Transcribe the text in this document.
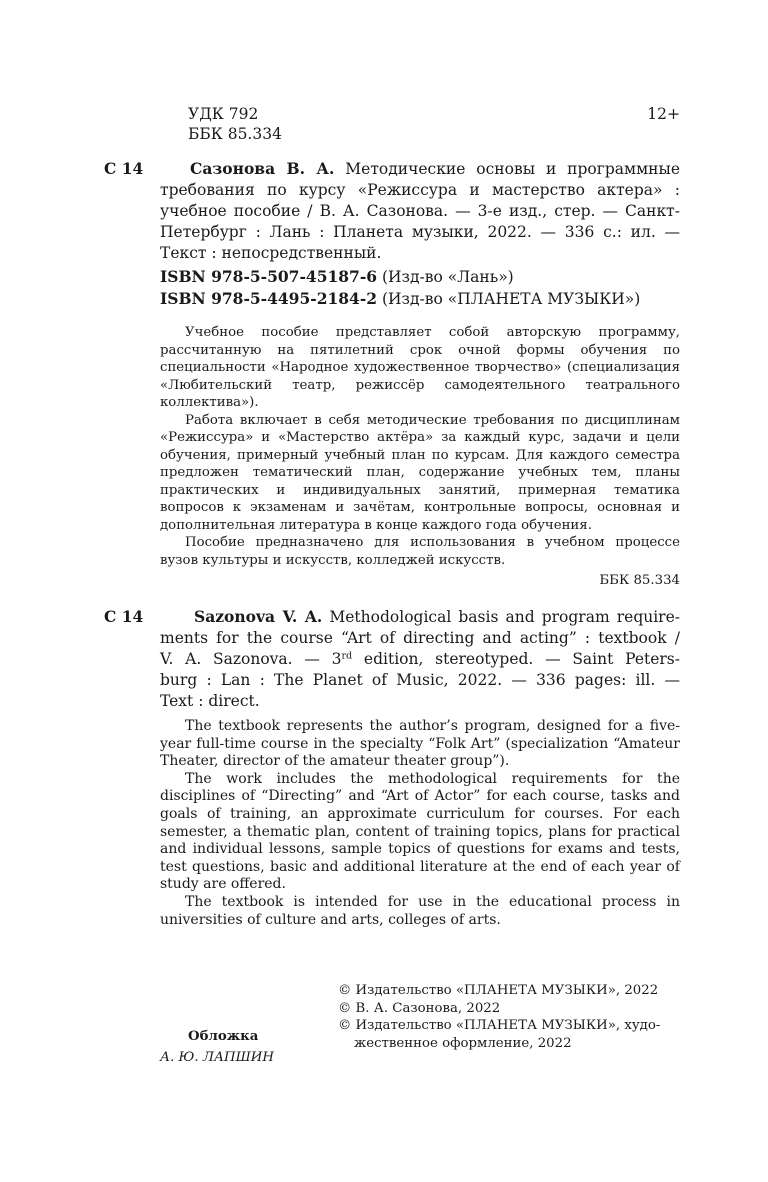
УДК 792
ББК 85.334
12+
С 14	Сазонова В. А. Методические основы и программные

требования по курсу «Режиссура и мастерство актера» :

учебное пособие / В. А. Сазонова. — 3-е изд., стер. — Санкт-

Петербург : Лань : Планета музыки, 2022. — 336 с.: ил. —

Текст : непосредственный.

ISBN 978-5-507-45187-6 (Изд-во «Лань»)

ISBN 978-5-4495-2184-2 (Изд-во «ПЛАНЕТА МУЗЫКИ»)

Учебное пособие представляет собой авторскую программу, рассчитанную на пятилетний срок очной формы обучения по специальности «Народное художественное творчество» (специализация «Любительский театр, режиссёр самодеятельного театрального коллектива»).

Работа включает в себя методические требования по дисциплинам «Режиссура» и «Мастерство актёра» за каждый курс, задачи и цели обучения, примерный учебный план по курсам. Для каждого семестра предложен тематический план, содержание учебных тем, планы практических и индивидуальных занятий, примерная тематика вопросов к экзаменам и зачётам, контрольные вопросы, основная и дополнительная литература в конце каждого года обучения.

Пособие предназначено для использования в учебном процессе вузов культуры и искусств, колледжей искусств.

ББК 85.334
С 14	Sazonova V. A. Methodological basis and program require-

ments for the course “Art of directing and acting” : textbook /

V. A. Sazonova. — 3rd edition, stereotyped. — Saint Peters-

burg : Lan : The Planet of Music, 2022. — 336 pages: ill. —

Text : direct.

The textbook represents the author’s program, designed for a five-year full-time course in the specialty “Folk Art” (specialization “Amateur Theater, director of the amateur theater group”).

The work includes the methodological requirements for the disciplines of “Directing” and “Art of Actor” for each course, tasks and goals of training, an approximate curriculum for courses. For each semester, a thematic plan, content of training topics, plans for practical and individual lessons, sample topics of questions for exams and tests, test questions, basic and additional literature at the end of each year of study are offered.

The textbook is intended for use in the educational process in universities of culture and arts, colleges of arts.

Обложка
А. Ю. ЛАПШИН

© Издательство «ПЛАНЕТА МУЗЫКИ», 2022

© В. А. Сазонова, 2022

© Издательство «ПЛАНЕТА МУЗЫКИ», худо-

жественное оформление, 2022
